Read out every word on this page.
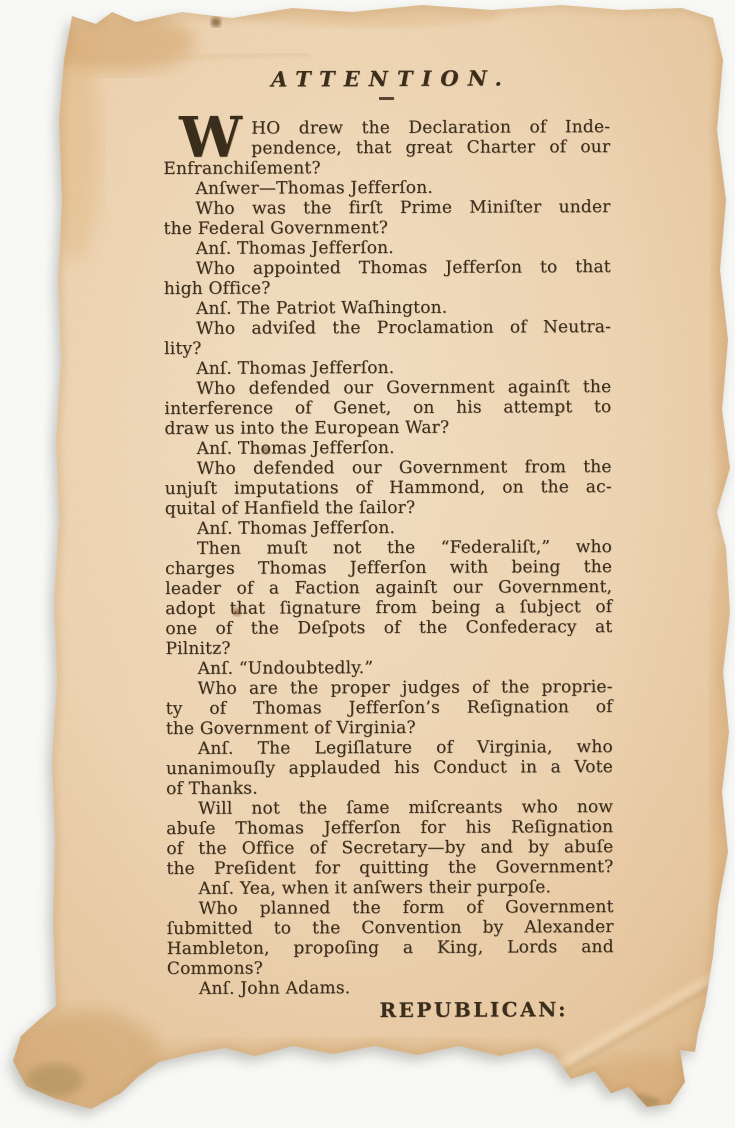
ATTENTION.
W HO drew the Declaration of Inde-
pendence, that great Charter of our
Enfranchiſement?
Anſwer—Thomas Jefferſon.
Who was the firſt Prime Miniſter under
the Federal Government?
Anſ. Thomas Jefferſon.
Who appointed Thomas Jefferſon to that
high Office?
Anſ. The Patriot Waſhington.
Who adviſed the Proclamation of Neutra-
lity?
Anſ. Thomas Jefferſon.
Who defended our Government againſt the
interference of Genet, on his attempt to
draw us into the European War?
Anſ. Thomas Jefferſon.
Who defended our Government from the
unjuſt imputations of Hammond, on the ac-
quital of Hanfield the ſailor?
Anſ. Thomas Jefferſon.
Then muſt not the “Federaliſt,” who
charges Thomas Jefferſon with being the
leader of a Faction againſt our Government,
adopt that ſignature from being a ſubject of
one of the Deſpots of the Confederacy at
Pilnitz?
Anſ. “Undoubtedly.”
Who are the proper judges of the proprie-
ty of Thomas Jefferſon’s Reſignation of
the Government of Virginia?
Anſ. The Legiſlature of Virginia, who
unanimouſly applauded his Conduct in a Vote
of Thanks.
Will not the ſame miſcreants who now
abuſe Thomas Jefferſon for his Reſignation
of the Office of Secretary—by and by abuſe
the Preſident for quitting the Government?
Anſ. Yea, when it anſwers their purpoſe.
Who planned the form of Government
ſubmitted to the Convention by Alexander
Hambleton, propoſing a King, Lords and
Commons?
Anſ. John Adams.
REPUBLICAN:
